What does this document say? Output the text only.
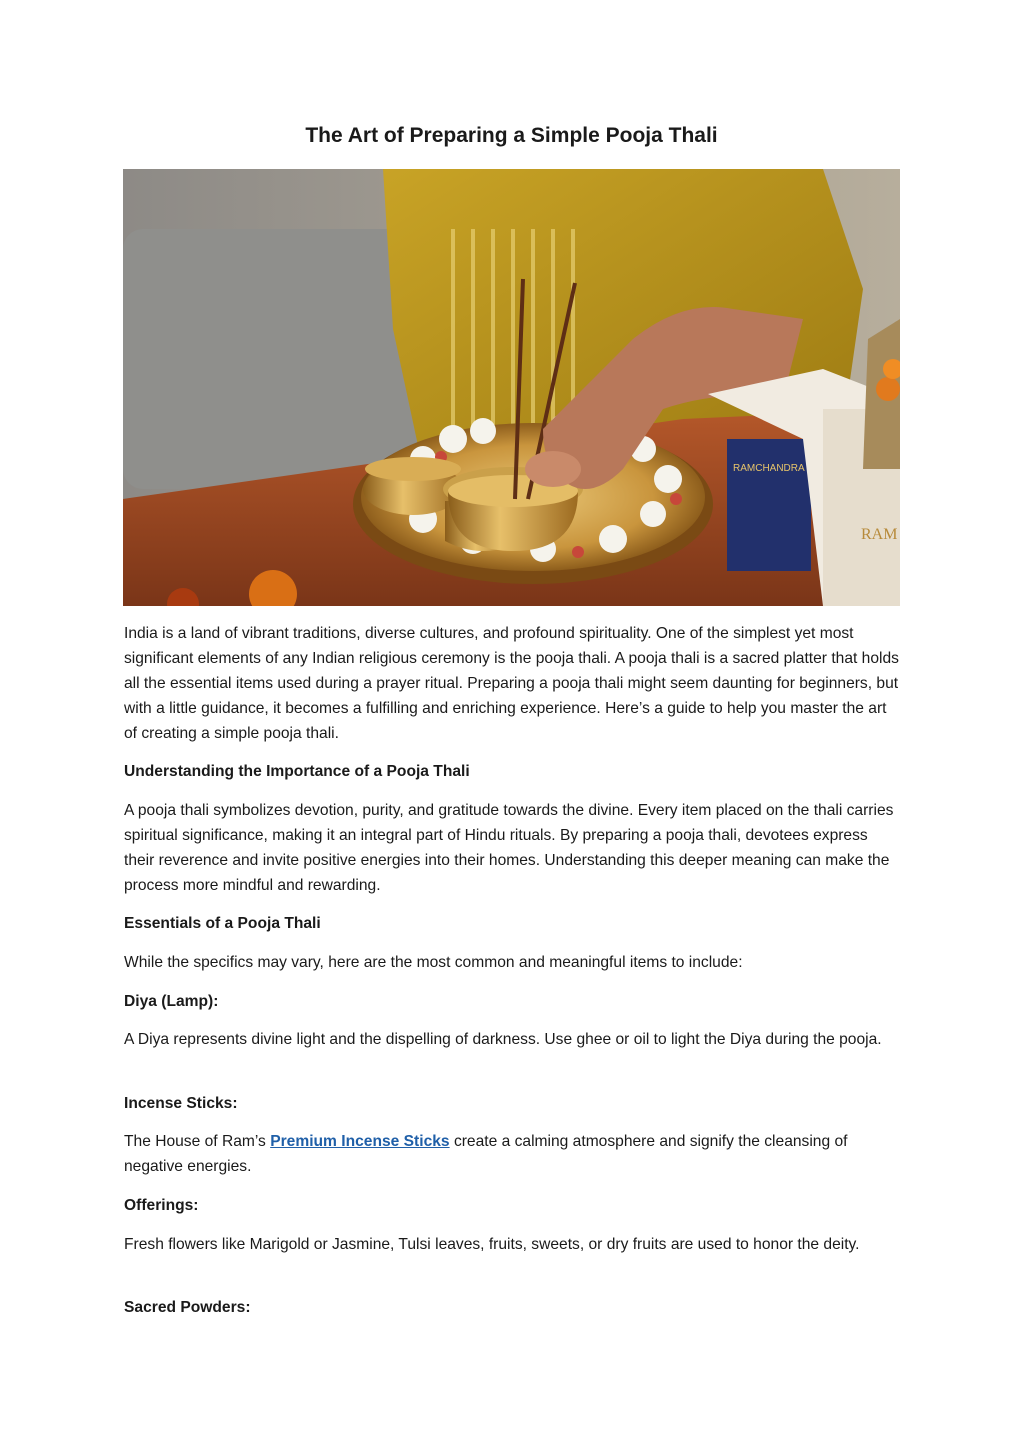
The Art of Preparing a Simple Pooja Thali
RAMCHANDRA
RAM

India is a land of vibrant traditions, diverse cultures, and profound spirituality. One of the simplest yet most significant elements of any Indian religious ceremony is the pooja thali. A pooja thali is a sacred platter that holds all the essential items used during a prayer ritual. Preparing a pooja thali might seem daunting for beginners, but with a little guidance, it becomes a fulfilling and enriching experience. Here’s a guide to help you master the art of creating a simple pooja thali.

Understanding the Importance of a Pooja Thali

A pooja thali symbolizes devotion, purity, and gratitude towards the divine. Every item placed on the thali carries spiritual significance, making it an integral part of Hindu rituals. By preparing a pooja thali, devotees express their reverence and invite positive energies into their homes. Understanding this deeper meaning can make the process more mindful and rewarding.

Essentials of a Pooja Thali

While the specifics may vary, here are the most common and meaningful items to include:

Diya (Lamp):

A Diya represents divine light and the dispelling of darkness. Use ghee or oil to light the Diya during the pooja.

Incense Sticks:

The House of Ram’s Premium Incense Sticks create a calming atmosphere and signify the cleansing of negative energies.

Offerings:

Fresh flowers like Marigold or Jasmine, Tulsi leaves, fruits, sweets, or dry fruits are used to honor the deity.

Sacred Powders:
